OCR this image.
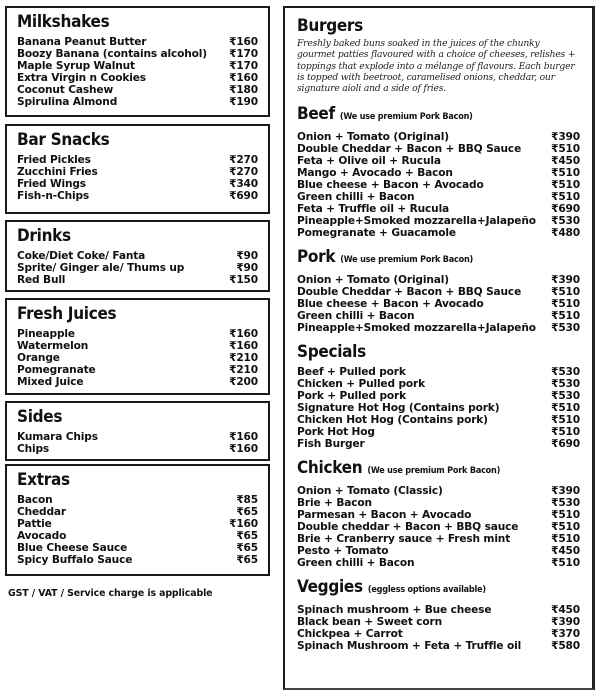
Milkshakes
Banana Peanut Butter	₹160
Boozy Banana (contains alcohol) ₹170
Maple Syrup Walnut	₹170
Extra Virgin n Cookies	₹160
Coconut Cashew	₹180
Spirulina Almond	₹190
Bar Snacks
Fried Pickles	₹270
Zucchini Fries	₹270
Fried Wings	₹340
Fish-n-Chips	₹690
Drinks
Coke/Diet Coke/ Fanta	₹90
Sprite/ Ginger ale/ Thums up	₹90
Red Bull	₹150
Fresh Juices
Pineapple	₹160
Watermelon	₹160
Orange	₹210
Pomegranate	₹210
Mixed Juice	₹200
Sides
Kumara Chips	₹160
Chips	₹160
Extras
Bacon	₹85
Cheddar	₹65
Pattie	₹160
Avocado	₹65
Blue Cheese Sauce	₹65
Spicy Buffalo Sauce	₹65
GST / VAT / Service charge is applicable
Burgers

Freshly baked buns soaked in the juices of the chunky gourmet patties flavoured with a choice of cheeses, relishes + toppings that explode into a mélange of flavours. Each burger is topped with beetroot, caramelised onions, cheddar, our signature aioli and a side of fries.

Beef (We use premium Pork Bacon)
Onion + Tomato (Original)	₹390
Double Cheddar + Bacon + BBQ Sauce	₹510
Feta + Olive oil + Rucula	₹450
Mango + Avocado + Bacon	₹510
Blue cheese + Bacon + Avocado	₹510
Green chilli + Bacon	₹510
Feta + Truffle oil + Rucula	₹690
Pineapple+Smoked mozzarella+Jalapeño ₹530
Pomegranate + Guacamole	₹480
Pork (We use premium Pork Bacon)
Onion + Tomato (Original)	₹390
Double Cheddar + Bacon + BBQ Sauce	₹510
Blue cheese + Bacon + Avocado	₹510
Green chilli + Bacon	₹510
Pineapple+Smoked mozzarella+Jalapeño ₹530
Specials
Beef + Pulled pork	₹530
Chicken + Pulled pork	₹530
Pork + Pulled pork	₹530
Signature Hot Hog (Contains pork)	₹510
Chicken Hot Hog (Contains pork)	₹510
Pork Hot Hog	₹510
Fish Burger	₹690
Chicken (We use premium Pork Bacon)
Onion + Tomato (Classic)	₹390
Brie + Bacon	₹530
Parmesan + Bacon + Avocado	₹510
Double cheddar + Bacon + BBQ sauce	₹510
Brie + Cranberry sauce + Fresh mint	₹510
Pesto + Tomato	₹450
Green chilli + Bacon	₹510
Veggies (eggless options available)
Spinach mushroom + Bue cheese	₹450
Black bean + Sweet corn	₹390
Chickpea + Carrot	₹370
Spinach Mushroom + Feta + Truffle oil	₹580
